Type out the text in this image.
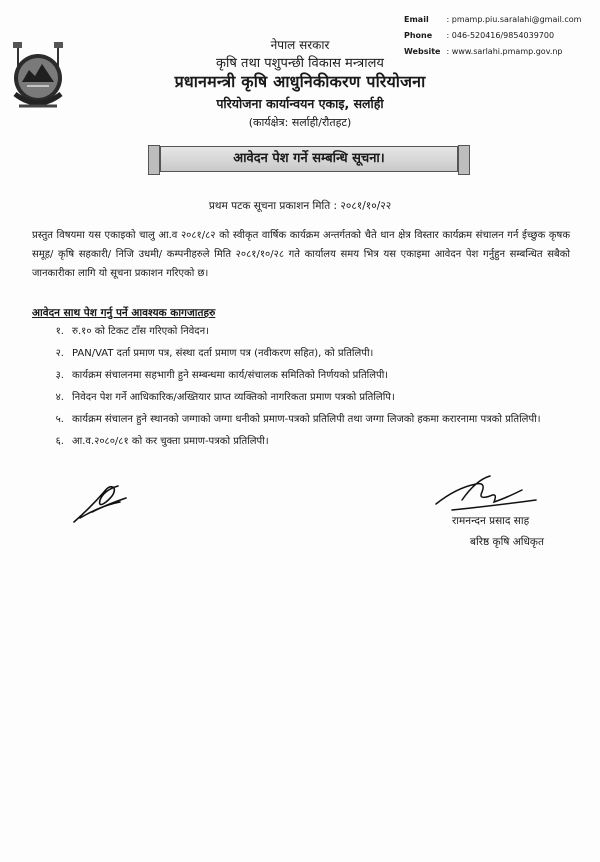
Email : pmamp.piu.saralahi@gmail.com
Phone : 046-520416/9854039700
Website : www.sarlahi.pmamp.gov.np
नेपाल सरकार
कृषि तथा पशुपन्छी विकास मन्त्रालय
प्रधानमन्त्री कृषि आधुनिकीकरण परियोजना
परियोजना कार्यान्वयन एकाइ, सर्लाही
(कार्यक्षेत्र: सर्लाही/रौतहट)
आवेदन पेश गर्ने सम्बन्धि सूचना।
प्रथम पटक सूचना प्रकाशन मिति : २०८१/१०/२२
प्रस्तुत विषयमा यस एकाइको चालु आ.व २०८१/८२ को स्वीकृत वार्षिक कार्यक्रम अन्तर्गतको चैते धान क्षेत्र विस्तार कार्यक्रम संचालन गर्न ईच्छुक कृषक समूह/ कृषि सहकारी/ निजि उधमी/ कम्पनीहरुले मिति २०८१/१०/२८ गते कार्यालय समय भित्र यस एकाइमा आवेदन पेश गर्नुहुन सम्बन्धित सबैको जानकारीका लागि यो सूचना प्रकाशन गरिएको छ।
आवेदन साथ पेश गर्नु पर्ने आवश्यक कागजातहरु
१. रु.१० को टिकट टाँस गरिएको निवेदन।
२. PAN/VAT दर्ता प्रमाण पत्र, संस्था दर्ता प्रमाण पत्र (नवीकरण सहित), को प्रतिलिपी।
३. कार्यक्रम संचालनमा सहभागी हुने सम्बन्धमा कार्य/संचालक समितिको निर्णयको प्रतिलिपी।
४. निवेदन पेश गर्ने आधिकारिक/अख्तियार प्राप्त व्यक्तिको नागरिकता प्रमाण पत्रको प्रतिलिपि।
५. कार्यक्रम संचालन हुने स्थानको जग्गाको जग्गा धनीको प्रमाण-पत्रको प्रतिलिपी तथा जग्गा लिजको हकमा करारनामा पत्रको प्रतिलिपी।
६. आ.व.२०८०/८१ को कर चुक्ता प्रमाण-पत्रको प्रतिलिपी।
रामनन्दन प्रसाद साह
बरिष्ठ कृषि अधिकृत
